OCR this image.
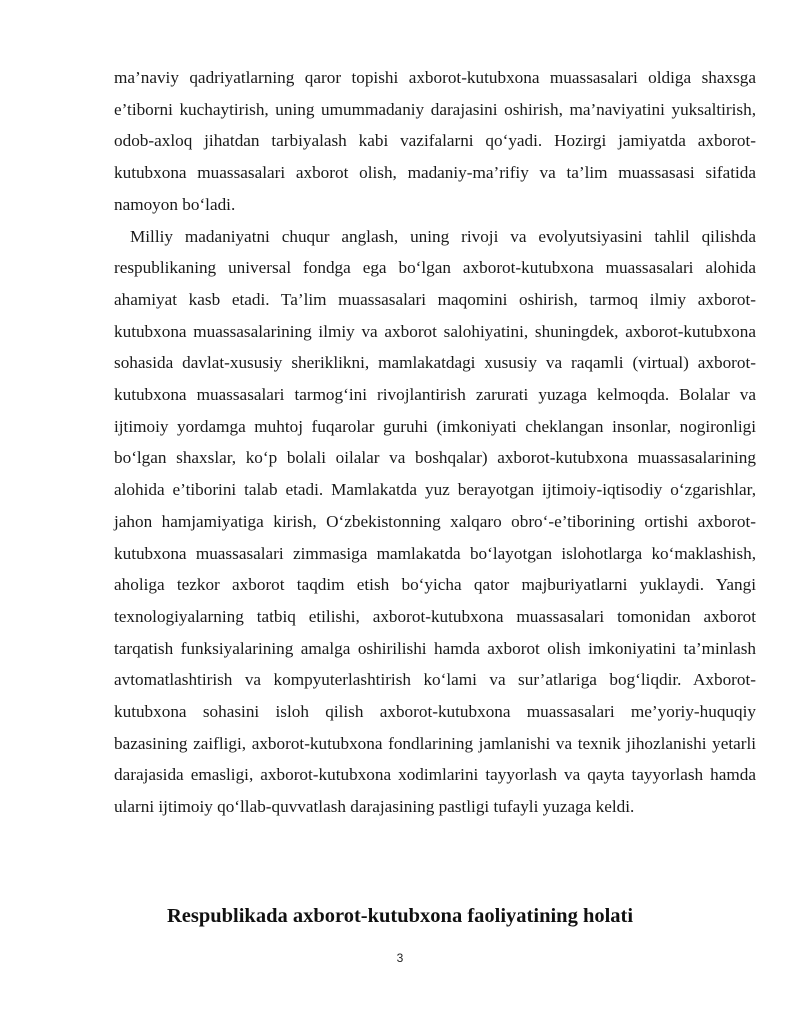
ma’naviy qadriyatlarning qaror topishi axborot-kutubxona muassasalari oldiga shaxsga e’tiborni kuchaytirish, uning umummadaniy darajasini oshirish, ma’naviyatini yuksaltirish, odob-axloq jihatdan tarbiyalash kabi vazifalarni qo‘yadi. Hozirgi jamiyatda axborot-kutubxona muassasalari axborot olish, madaniy-ma’rifiy va ta’lim muassasasi sifatida namoyon bo‘ladi.

Milliy madaniyatni chuqur anglash, uning rivoji va evolyutsiyasini tahlil qilishda respublikaning universal fondga ega bo‘lgan axborot-kutubxona muassasalari alohida ahamiyat kasb etadi. Ta’lim muassasalari maqomini oshirish, tarmoq ilmiy axborot-kutubxona muassasalarining ilmiy va axborot salohiyatini, shuningdek, axborot-kutubxona sohasida davlat-xususiy sheriklikni, mamlakatdagi xususiy va raqamli (virtual) axborot-kutubxona muassasalari tarmog‘ini rivojlantirish zarurati yuzaga kelmoqda. Bolalar va ijtimoiy yordamga muhtoj fuqarolar guruhi (imkoniyati cheklangan insonlar, nogironligi bo‘lgan shaxslar, ko‘p bolali oilalar va boshqalar) axborot-kutubxona muassasalarining alohida e’tiborini talab etadi. Mamlakatda yuz berayotgan ijtimoiy-iqtisodiy o‘zgarishlar, jahon hamjamiyatiga kirish, O‘zbekistonning xalqaro obro‘-e’tiborining ortishi axborot-kutubxona muassasalari zimmasiga mamlakatda bo‘layotgan islohotlarga ko‘maklashish, aholiga tezkor axborot taqdim etish bo‘yicha qator majburiyatlarni yuklaydi. Yangi texnologiyalarning tatbiq etilishi, axborot-kutubxona muassasalari tomonidan axborot tarqatish funksiyalarining amalga oshirilishi hamda axborot olish imkoniyatini ta’minlash avtomatlashtirish va kompyuterlashtirish ko‘lami va sur’atlariga bog‘liqdir. Axborot-kutubxona sohasini isloh qilish axborot-kutubxona muassasalari me’yoriy-huquqiy bazasining zaifligi, axborot-kutubxona fondlarining jamlanishi va texnik jihozlanishi yetarli darajasida emasligi, axborot-kutubxona xodimlarini tayyorlash va qayta tayyorlash hamda ularni ijtimoiy qo‘llab-quvvatlash darajasining pastligi tufayli yuzaga keldi.

Respublikada axborot-kutubxona faoliyatining holati
3
